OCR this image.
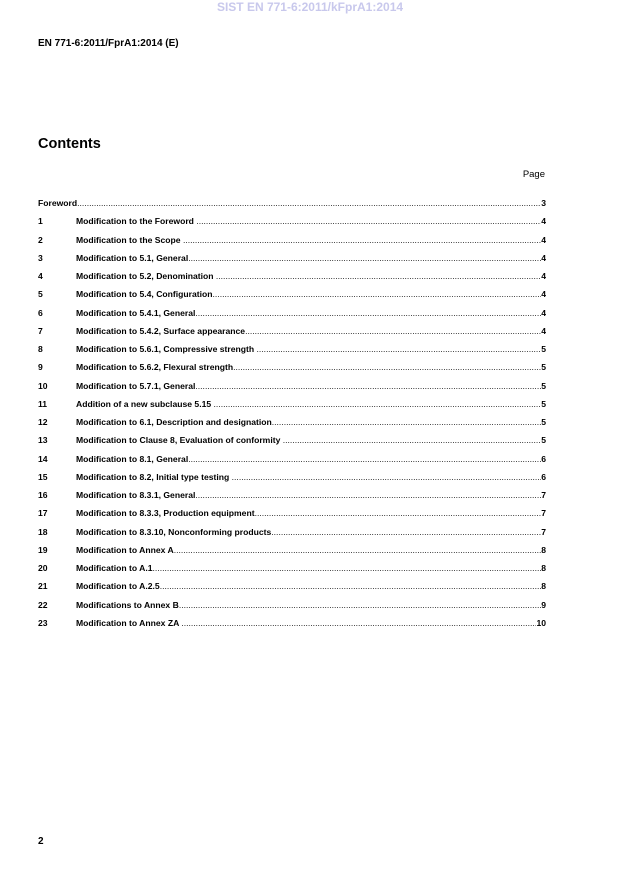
SIST EN 771-6:2011/kFprA1:2014
EN 771-6:2011/FprA1:2014 (E)
Contents
Page
Foreword .....	3
1	Modification to the Foreword .....	4
2	Modification to the Scope .....	4
3	Modification to 5.1, General .....	4
4	Modification to 5.2, Denomination .....	4
5	Modification to 5.4, Configuration .....	4
6	Modification to 5.4.1, General .....	4
7	Modification to 5.4.2, Surface appearance .....	4
8	Modification to 5.6.1, Compressive strength .....	5
9	Modification to 5.6.2, Flexural strength .....	5
10	Modification to 5.7.1, General .....	5
11	Addition of a new subclause 5.15 .....	5
12	Modification to 6.1, Description and designation .....	5
13	Modification to Clause 8, Evaluation of conformity .....	5
14	Modification to 8.1, General .....	6
15	Modification to 8.2, Initial type testing .....	6
16	Modification to 8.3.1, General .....	7
17	Modification to 8.3.3, Production equipment .....	7
18	Modification to 8.3.10, Nonconforming products .....	7
19	Modification to Annex A .....	8
20	Modification to A.1 .....	8
21	Modification to A.2.5 .....	8
22	Modifications to Annex B .....	9
23	Modification to Annex ZA .....	10
2
